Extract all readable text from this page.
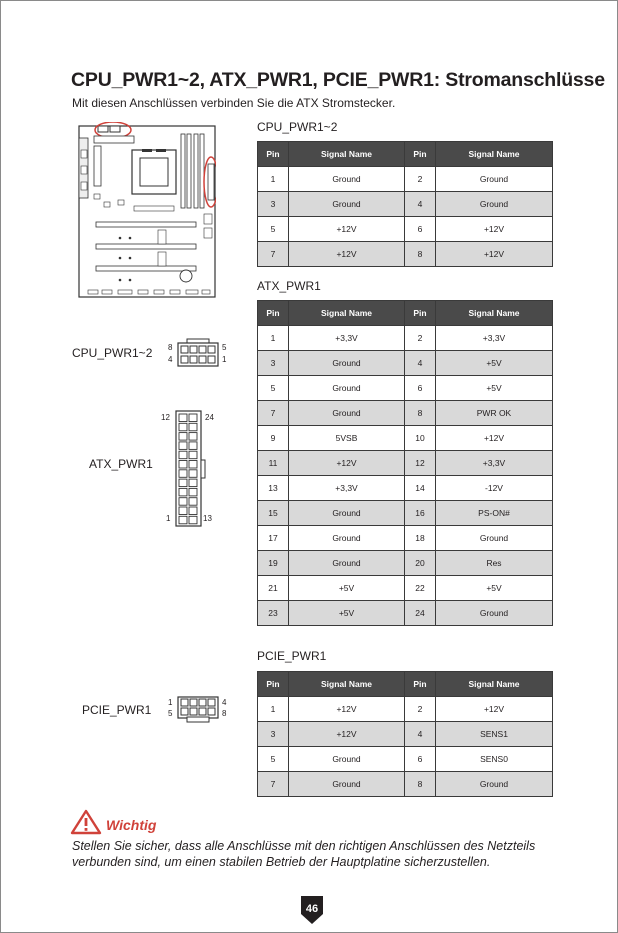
CPU_PWR1~2, ATX_PWR1, PCIE_PWR1: Stromanschlüsse
Mit diesen Anschlüssen verbinden Sie die ATX Stromstecker.
CPU_PWR1~2
Pin	Signal Name	Pin	Signal Name
1	Ground	2	Ground
3	Ground	4	Ground
5	+12V	6	+12V
7	+12V	8	+12V
ATX_PWR1
Pin	Signal Name	Pin	Signal Name
1	+3,3V	2	+3,3V
3	Ground	4	+5V
5	Ground	6	+5V
7	Ground	8	PWR OK
9	5VSB	10	+12V
11	+12V	12	+3,3V
13	+3,3V	14	-12V
15	Ground	16	PS-ON#
17	Ground	18	Ground
19	Ground	20	Res
21	+5V	22	+5V
23	+5V	24	Ground
PCIE_PWR1
Pin	Signal Name	Pin	Signal Name
1	+12V	2	+12V
3	+12V	4	SENS1
5	Ground	6	SENS0
7	Ground	8	Ground
CPU_PWR1~2 8
4
5
1
ATX_PWR1
12	24
1	13
PCIE_PWR1
1
5
4
8
Wichtig
Stellen Sie sicher, dass alle Anschlüsse mit den richtigen Anschlüssen des Netzteils verbunden sind, um einen stabilen Betrieb der Hauptplatine sicherzustellen.
46
